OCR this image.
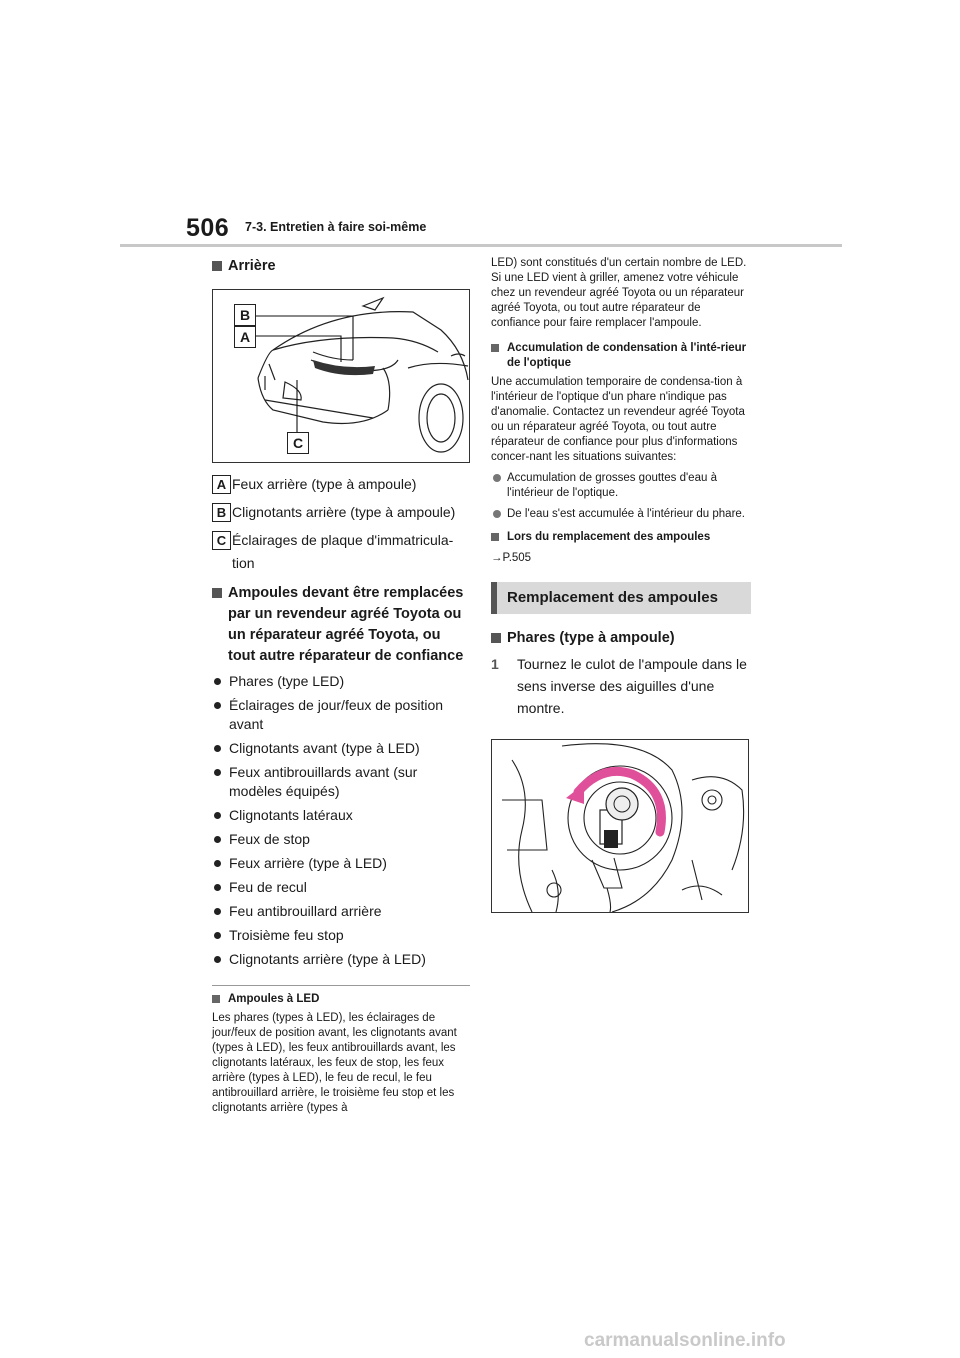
506 7-3. Entretien à faire soi-même
Arrière
B
A
C
A Feux arrière (type à ampoule)
B Clignotants arrière (type à ampoule)
C Éclairages de plaque d'immatricula-tion
Ampoules devant être remplacées par un revendeur agréé Toyota ou un réparateur agréé Toyota, ou tout autre réparateur de confiance
Phares (type LED)
Éclairages de jour/feux de position avant
Clignotants avant (type à LED)
Feux antibrouillards avant (sur modèles équipés)
Clignotants latéraux
Feux de stop
Feux arrière (type à LED)
Feu de recul
Feu antibrouillard arrière
Troisième feu stop
Clignotants arrière (type à LED)
Ampoules à LED
Les phares (types à LED), les éclairages de jour/feux de position avant, les clignotants avant (types à LED), les feux antibrouillards avant, les clignotants latéraux, les feux de stop, les feux arrière (types à LED), le feu de recul, le feu antibrouillard arrière, le troisième feu stop et les clignotants arrière (types à
LED) sont constitués d'un certain nombre de LED. Si une LED vient à griller, amenez votre véhicule chez un revendeur agréé Toyota ou un réparateur agréé Toyota, ou tout autre réparateur de confiance pour faire remplacer l'ampoule.
Accumulation de condensation à l'inté-rieur de l'optique
Une accumulation temporaire de condensa-tion à l'intérieur de l'optique d'un phare n'indique pas d'anomalie. Contactez un revendeur agréé Toyota ou un réparateur agréé Toyota, ou tout autre réparateur de confiance pour plus d'informations concer-nant les situations suivantes:
Accumulation de grosses gouttes d'eau à l'intérieur de l'optique.
De l'eau s'est accumulée à l'intérieur du phare.
Lors du remplacement des ampoules
→P.505
Remplacement des ampoules
Phares (type à ampoule)
1 Tournez le culot de l'ampoule dans le sens inverse des aiguilles d'une montre.
carmanualsonline.info
